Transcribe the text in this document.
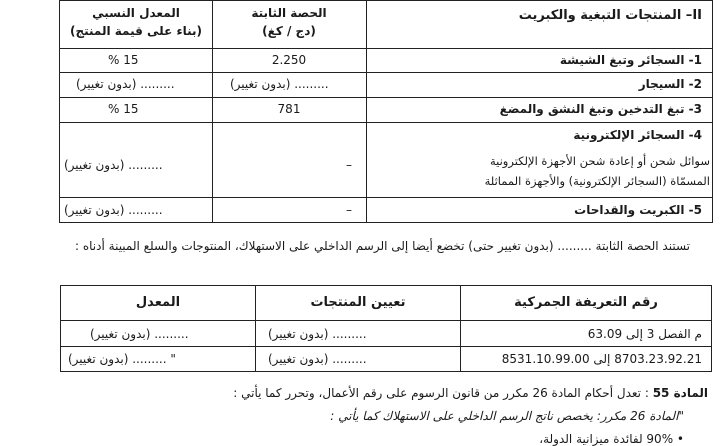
II– المنتجات التبغية والكبريت
الحصة الثابتة
(دج / كغ)
المعدل النسبي
(بناء على قيمة المنتج)
1- السجائر وتبغ الشيشة
2.250
15 %
2- السيجار
......... (بدون تغيير)
......... (بدون تغيير)
3- تبغ التدخين وتبغ النشق والمضغ
781
15 %
4- السجائر الإلكترونية
سوائل شحن أو إعادة شحن الأجهزة الإلكترونية
المسمّاة (السجائر الإلكترونية) والأجهزة المماثلة
–
......... (بدون تغيير)
5- الكبريت والقداحات
–
......... (بدون تغيير)
تستند الحصة الثابتة ......... (بدون تغيير حتى) تخضع أيضا إلى الرسم الداخلي على الاستهلاك، المنتوجات والسلع المبينة أدناه :
رقم التعريفة الجمركية
تعيين المنتجات
المعدل
م الفصل 3 إلى 63.09
......... (بدون تغيير)
......... (بدون تغيير)
8703.23.92.21 إلى 8531.10.99.00
......... (بدون تغيير)
" ......... (بدون تغيير)
المادة 55 : تعدل أحكام المادة 26 مكرر من قانون الرسوم على رقم الأعمال، وتحرر كما يأتي :
"المادة 26 مكرر: يخصص ناتج الرسم الداخلي على الاستهلاك كما يأتي :
• 90% لفائدة ميزانية الدولة،
